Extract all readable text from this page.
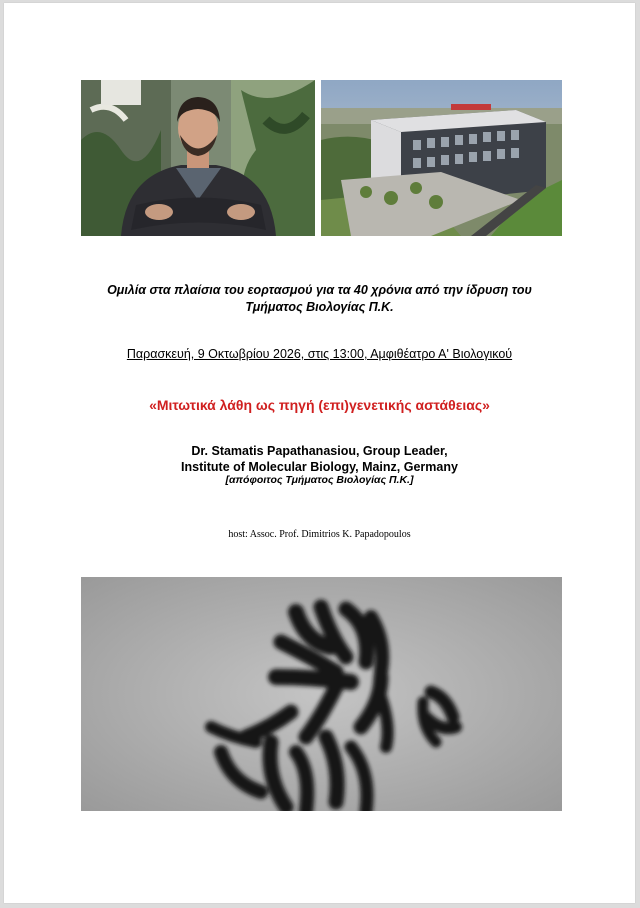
Ομιλία στα πλαίσια του εορτασμού για τα 40 χρόνια από την ίδρυση του
Τμήματος Βιολογίας Π.Κ.
Παρασκευή, 9 Οκτωβρίου 2026, στις 13:00, Αμφιθέατρο Α' Βιολογικού
«Μιτωτικά λάθη ως πηγή (επι)γενετικής αστάθειας»
Dr. Stamatis Papathanasiou, Group Leader,
Institute of Molecular Biology, Mainz, Germany
[απόφοιτος Τμήματος Βιολογίας Π.Κ.]
host: Assoc. Prof. Dimitrios K. Papadopoulos
